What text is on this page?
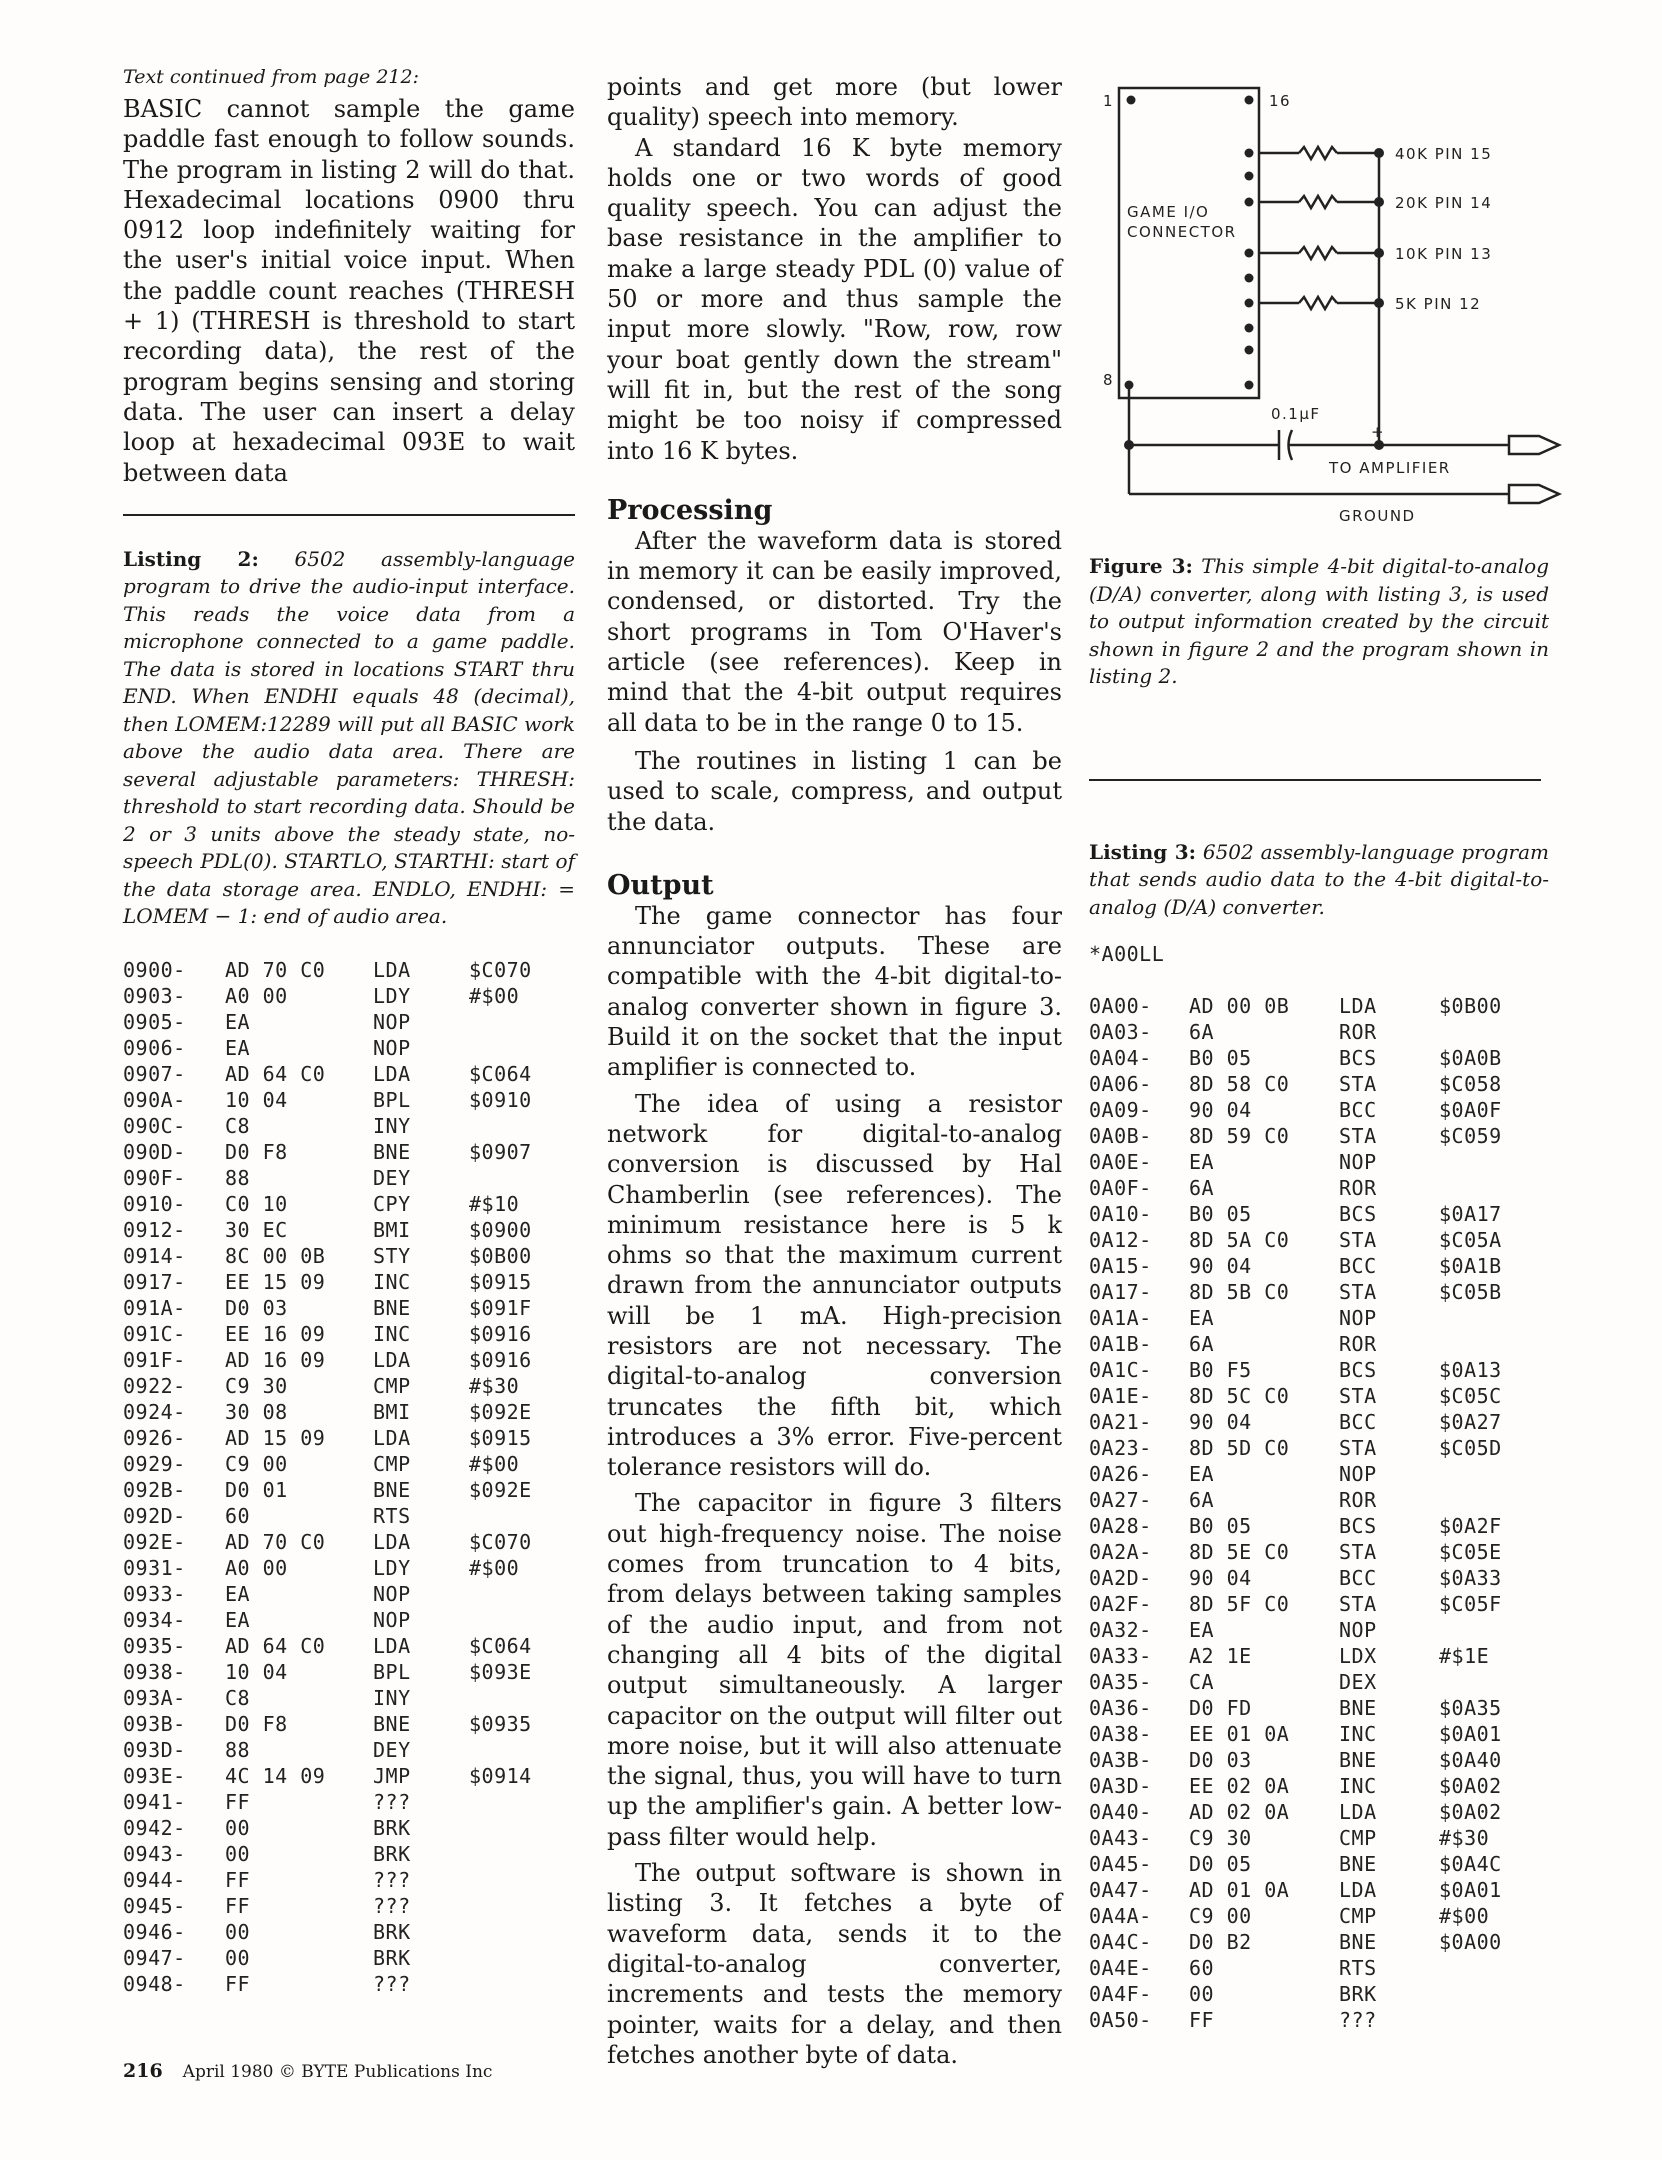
Text continued from page 212:

BASIC cannot sample the game paddle fast enough to follow sounds. The program in listing 2 will do that. Hexadecimal locations 0900 thru 0912 loop indefinitely waiting for the user's initial voice input. When the paddle count reaches (THRESH + 1) (THRESH is threshold to start recording data), the rest of the program begins sensing and storing data. The user can insert a delay loop at hexadecimal 093E to wait between data

Listing 2: 6502 assembly-language program to drive the audio-input interface. This reads the voice data from a microphone connected to a game paddle. The data is stored in locations START thru END. When ENDHI equals 48 (decimal), then LOMEM:12289 will put all BASIC work above the audio data area. There are several adjustable parameters: THRESH: threshold to start recording data. Should be 2 or 3 units above the steady state, no-speech PDL(0). STARTLO, STARTHI: start of the data storage area. ENDLO, ENDHI: = LOMEM − 1: end of audio area.
0900-	AD 70 C0	LDA	$C070
0903-	A0 00	LDY	#$00
0905-	EA	NOP
0906-	EA	NOP
0907-	AD 64 C0	LDA	$C064
090A-	10 04	BPL	$0910
090C-	C8	INY
090D-	D0 F8	BNE	$0907
090F-	88	DEY
0910-	C0 10	CPY	#$10
0912-	30 EC	BMI	$0900
0914-	8C 00 0B	STY	$0B00
0917-	EE 15 09	INC	$0915
091A-	D0 03	BNE	$091F
091C-	EE 16 09	INC	$0916
091F-	AD 16 09	LDA	$0916
0922-	C9 30	CMP	#$30
0924-	30 08	BMI	$092E
0926-	AD 15 09	LDA	$0915
0929-	C9 00	CMP	#$00
092B-	D0 01	BNE	$092E
092D-	60	RTS
092E-	AD 70 C0	LDA	$C070
0931-	A0 00	LDY	#$00
0933-	EA	NOP
0934-	EA	NOP
0935-	AD 64 C0	LDA	$C064
0938-	10 04	BPL	$093E
093A-	C8	INY
093B-	D0 F8	BNE	$0935
093D-	88	DEY
093E-	4C 14 09	JMP	$0914
0941-	FF	???
0942-	00	BRK
0943-	00	BRK
0944-	FF	???
0945-	FF	???
0946-	00	BRK
0947-	00	BRK
0948-	FF	???

points and get more (but lower quality) speech into memory.

A standard 16 K byte memory holds one or two words of good quality speech. You can adjust the base resistance in the amplifier to make a large steady PDL (0) value of 50 or more and thus sample the input more slowly. "Row, row, row your boat gently down the stream" will fit in, but the rest of the song might be too noisy if compressed into 16 K bytes.

Processing

After the waveform data is stored in memory it can be easily improved, condensed, or distorted. Try the short programs in Tom O'Haver's article (see references). Keep in mind that the 4-bit output requires all data to be in the range 0 to 15.

The routines in listing 1 can be used to scale, compress, and output the data.

Output

The game connector has four annunciator outputs. These are compatible with the 4-bit digital-to-analog converter shown in figure 3. Build it on the socket that the input amplifier is connected to.

The idea of using a resistor network for digital-to-analog conversion is discussed by Hal Chamberlin (see references). The minimum resistance here is 5 k ohms so that the maximum current drawn from the annunciator outputs will be 1 mA. High-precision resistors are not necessary. The digital-to-analog conversion truncates the fifth bit, which introduces a 3% error. Five-percent tolerance resistors will do.

The capacitor in figure 3 filters out high-frequency noise. The noise comes from truncation to 4 bits, from delays between taking samples of the audio input, and from not changing all 4 bits of the digital output simultaneously. A larger capacitor on the output will filter out more noise, but it will also attenuate the signal, thus, you will have to turn up the amplifier's gain. A better low-pass filter would help.

The output software is shown in listing 3. It fetches a byte of waveform data, sends it to the digital-to-analog converter, increments and tests the memory pointer, waits for a delay, and then fetches another byte of data.

1	16
8
GAME I/O
CONNECTOR
40K PIN 15
20K PIN 14
10K PIN 13
5K PIN 12
0.1μF
+
TO AMPLIFIER
GROUND
Figure 3: This simple 4-bit digital-to-analog (D/A) converter, along with listing 3, is used to output information created by the circuit shown in figure 2 and the program shown in listing 2.
Listing 3: 6502 assembly-language program that sends audio data to the 4-bit digital-to-analog (D/A) converter.
*A00LL
0A00-	AD 00 0B	LDA	$0B00
0A03-	6A	ROR
0A04-	B0 05	BCS	$0A0B
0A06-	8D 58 C0	STA	$C058
0A09-	90 04	BCC	$0A0F
0A0B-	8D 59 C0	STA	$C059
0A0E-	EA	NOP
0A0F-	6A	ROR
0A10-	B0 05	BCS	$0A17
0A12-	8D 5A C0	STA	$C05A
0A15-	90 04	BCC	$0A1B
0A17-	8D 5B C0	STA	$C05B
0A1A-	EA	NOP
0A1B-	6A	ROR
0A1C-	B0 F5	BCS	$0A13
0A1E-	8D 5C C0	STA	$C05C
0A21-	90 04	BCC	$0A27
0A23-	8D 5D C0	STA	$C05D
0A26-	EA	NOP
0A27-	6A	ROR
0A28-	B0 05	BCS	$0A2F
0A2A-	8D 5E C0	STA	$C05E
0A2D-	90 04	BCC	$0A33
0A2F-	8D 5F C0	STA	$C05F
0A32-	EA	NOP
0A33-	A2 1E	LDX	#$1E
0A35-	CA	DEX
0A36-	D0 FD	BNE	$0A35
0A38-	EE 01 0A	INC	$0A01
0A3B-	D0 03	BNE	$0A40
0A3D-	EE 02 0A	INC	$0A02
0A40-	AD 02 0A	LDA	$0A02
0A43-	C9 30	CMP	#$30
0A45-	D0 05	BNE	$0A4C
0A47-	AD 01 0A	LDA	$0A01
0A4A-	C9 00	CMP	#$00
0A4C-	D0 B2	BNE	$0A00
0A4E-	60	RTS
0A4F-	00	BRK
0A50-	FF	???
216 April 1980 © BYTE Publications Inc
